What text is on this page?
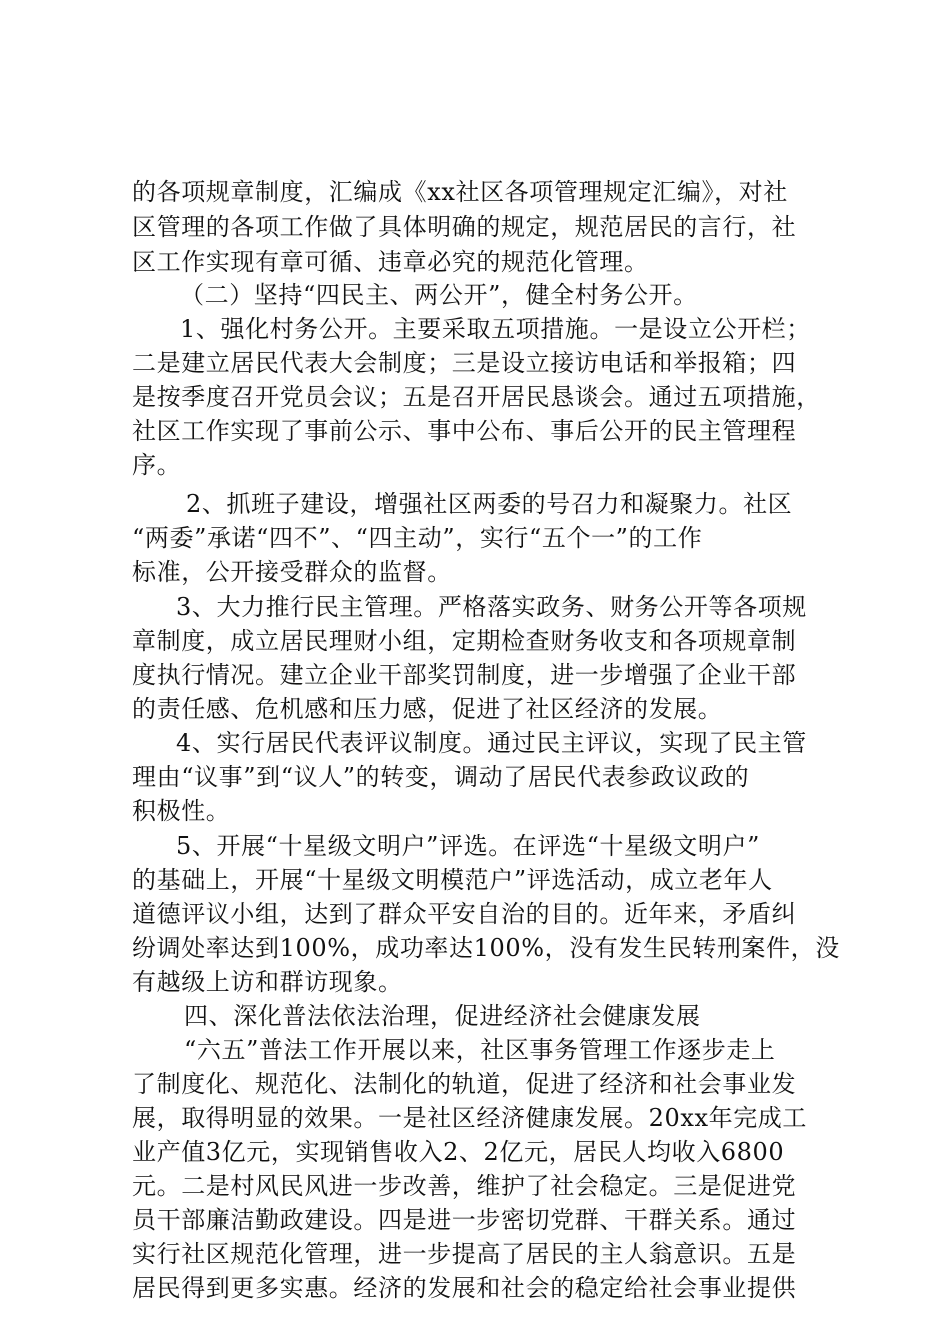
的各项规章制度，汇编成《xx社区各项管理规定汇编》，对社
区管理的各项工作做了具体明确的规定，规范居民的言行，社
区工作实现有章可循、违章必究的规范化管理。
（二）坚持“四民主、两公开”，健全村务公开。
1、强化村务公开。主要采取五项措施。一是设立公开栏；
二是建立居民代表大会制度；三是设立接访电话和举报箱；四
是按季度召开党员会议；五是召开居民恳谈会。通过五项措施，
社区工作实现了事前公示、事中公布、事后公开的民主管理程
序。
2、抓班子建设，增强社区两委的号召力和凝聚力。社区
“两委”承诺“四不”、“四主动”，实行“五个一”的工作
标准，公开接受群众的监督。
3、大力推行民主管理。严格落实政务、财务公开等各项规
章制度，成立居民理财小组，定期检查财务收支和各项规章制
度执行情况。建立企业干部奖罚制度，进一步增强了企业干部
的责任感、危机感和压力感，促进了社区经济的发展。
4、实行居民代表评议制度。通过民主评议，实现了民主管
理由“议事”到“议人”的转变，调动了居民代表参政议政的
积极性。
5、开展“十星级文明户”评选。在评选“十星级文明户”
的基础上，开展“十星级文明模范户”评选活动，成立老年人
道德评议小组，达到了群众平安自治的目的。近年来，矛盾纠
纷调处率达到100%，成功率达100%，没有发生民转刑案件，没
有越级上访和群访现象。
四、深化普法依法治理，促进经济社会健康发展
“六五”普法工作开展以来，社区事务管理工作逐步走上
了制度化、规范化、法制化的轨道，促进了经济和社会事业发
展，取得明显的效果。一是社区经济健康发展。20xx年完成工
业产值3亿元，实现销售收入2、2亿元，居民人均收入6800
元。二是村风民风进一步改善，维护了社会稳定。三是促进党
员干部廉洁勤政建设。四是进一步密切党群、干群关系。通过
实行社区规范化管理，进一步提高了居民的主人翁意识。五是
居民得到更多实惠。经济的发展和社会的稳定给社会事业提供
